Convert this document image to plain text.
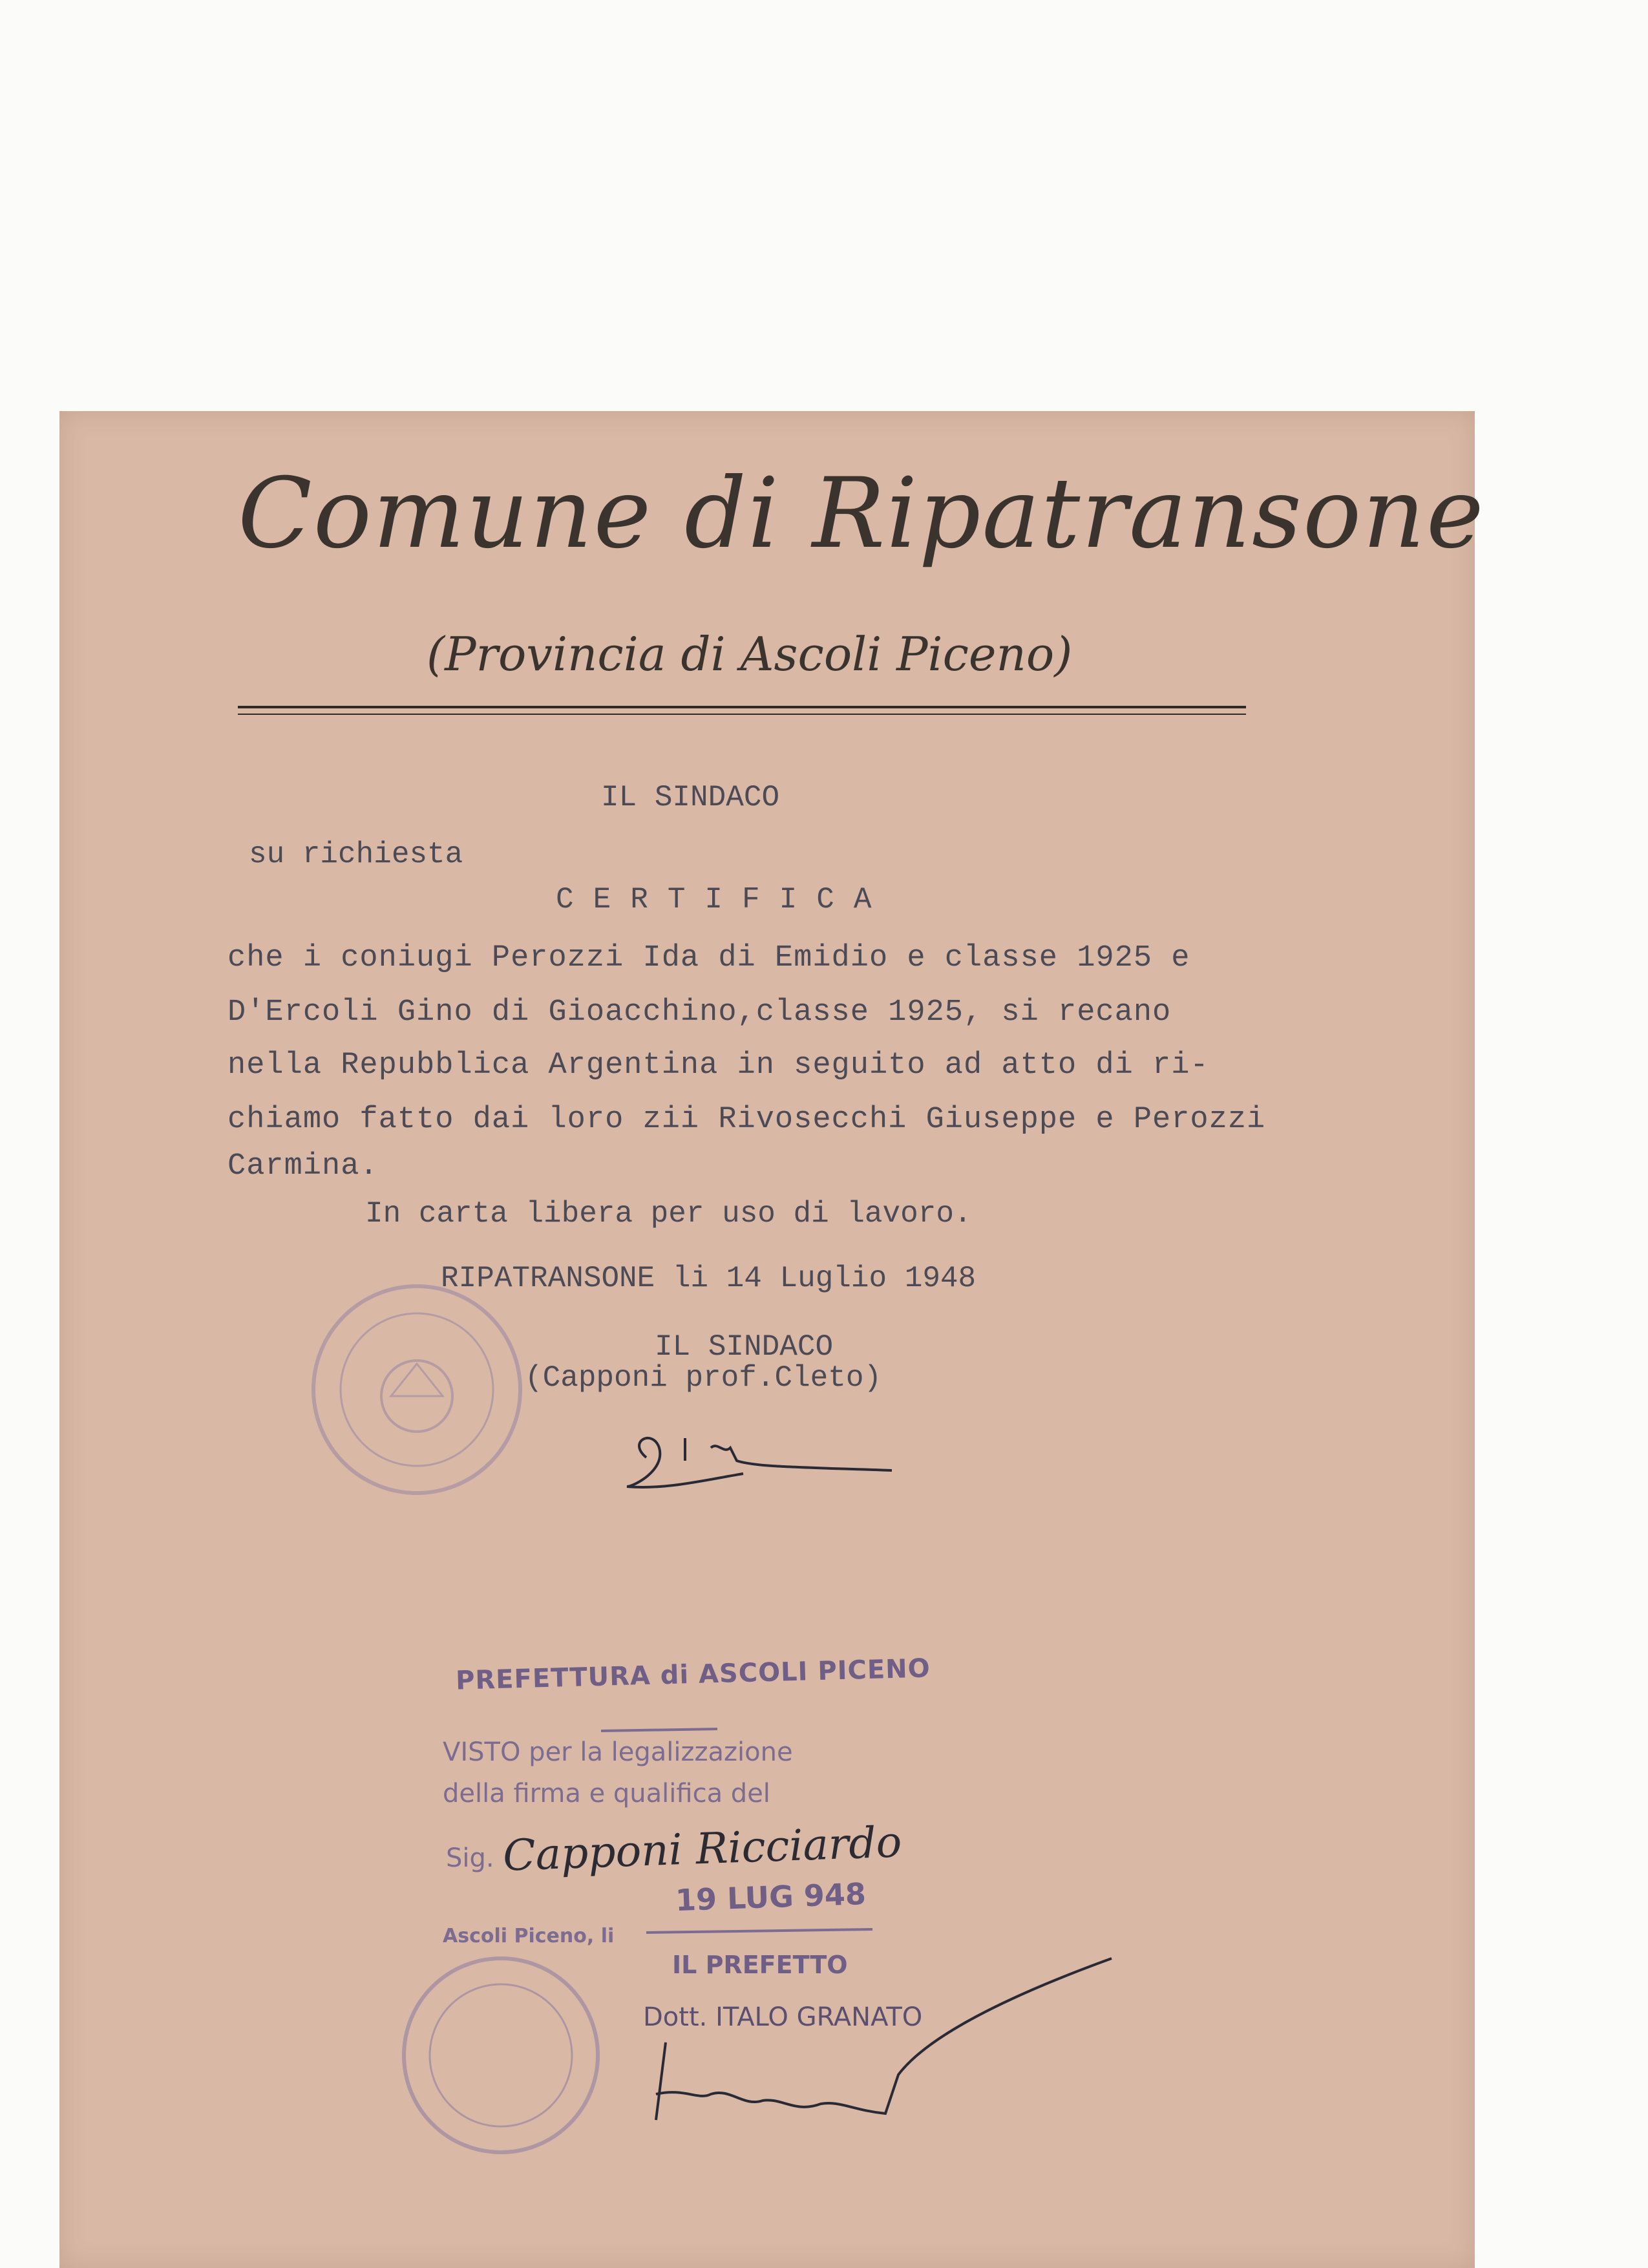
Comune di Ripatransone
(Provincia di Ascoli Piceno)
IL SINDACO
su richiesta
CERTIFICA
che i coniugi Perozzi Ida di Emidio e classe 1925 e
D'Ercoli Gino di Gioacchino,classe 1925, si recano
nella Repubblica Argentina in seguito ad atto di ri-
chiamo fatto dai loro zii Rivosecchi Giuseppe e Perozzi
Carmina.
In carta libera per uso di lavoro.
RIPATRANSONE li 14 Luglio 1948
IL SINDACO
(Capponi prof.Cleto)
PREFETTURA di ASCOLI PICENO
VISTO per la legalizzazione
della firma e qualifica del
Sig. Capponi Ricciardo
19 LUG 948
Ascoli Piceno, li
IL PREFETTO
Dott. ITALO GRANATO
